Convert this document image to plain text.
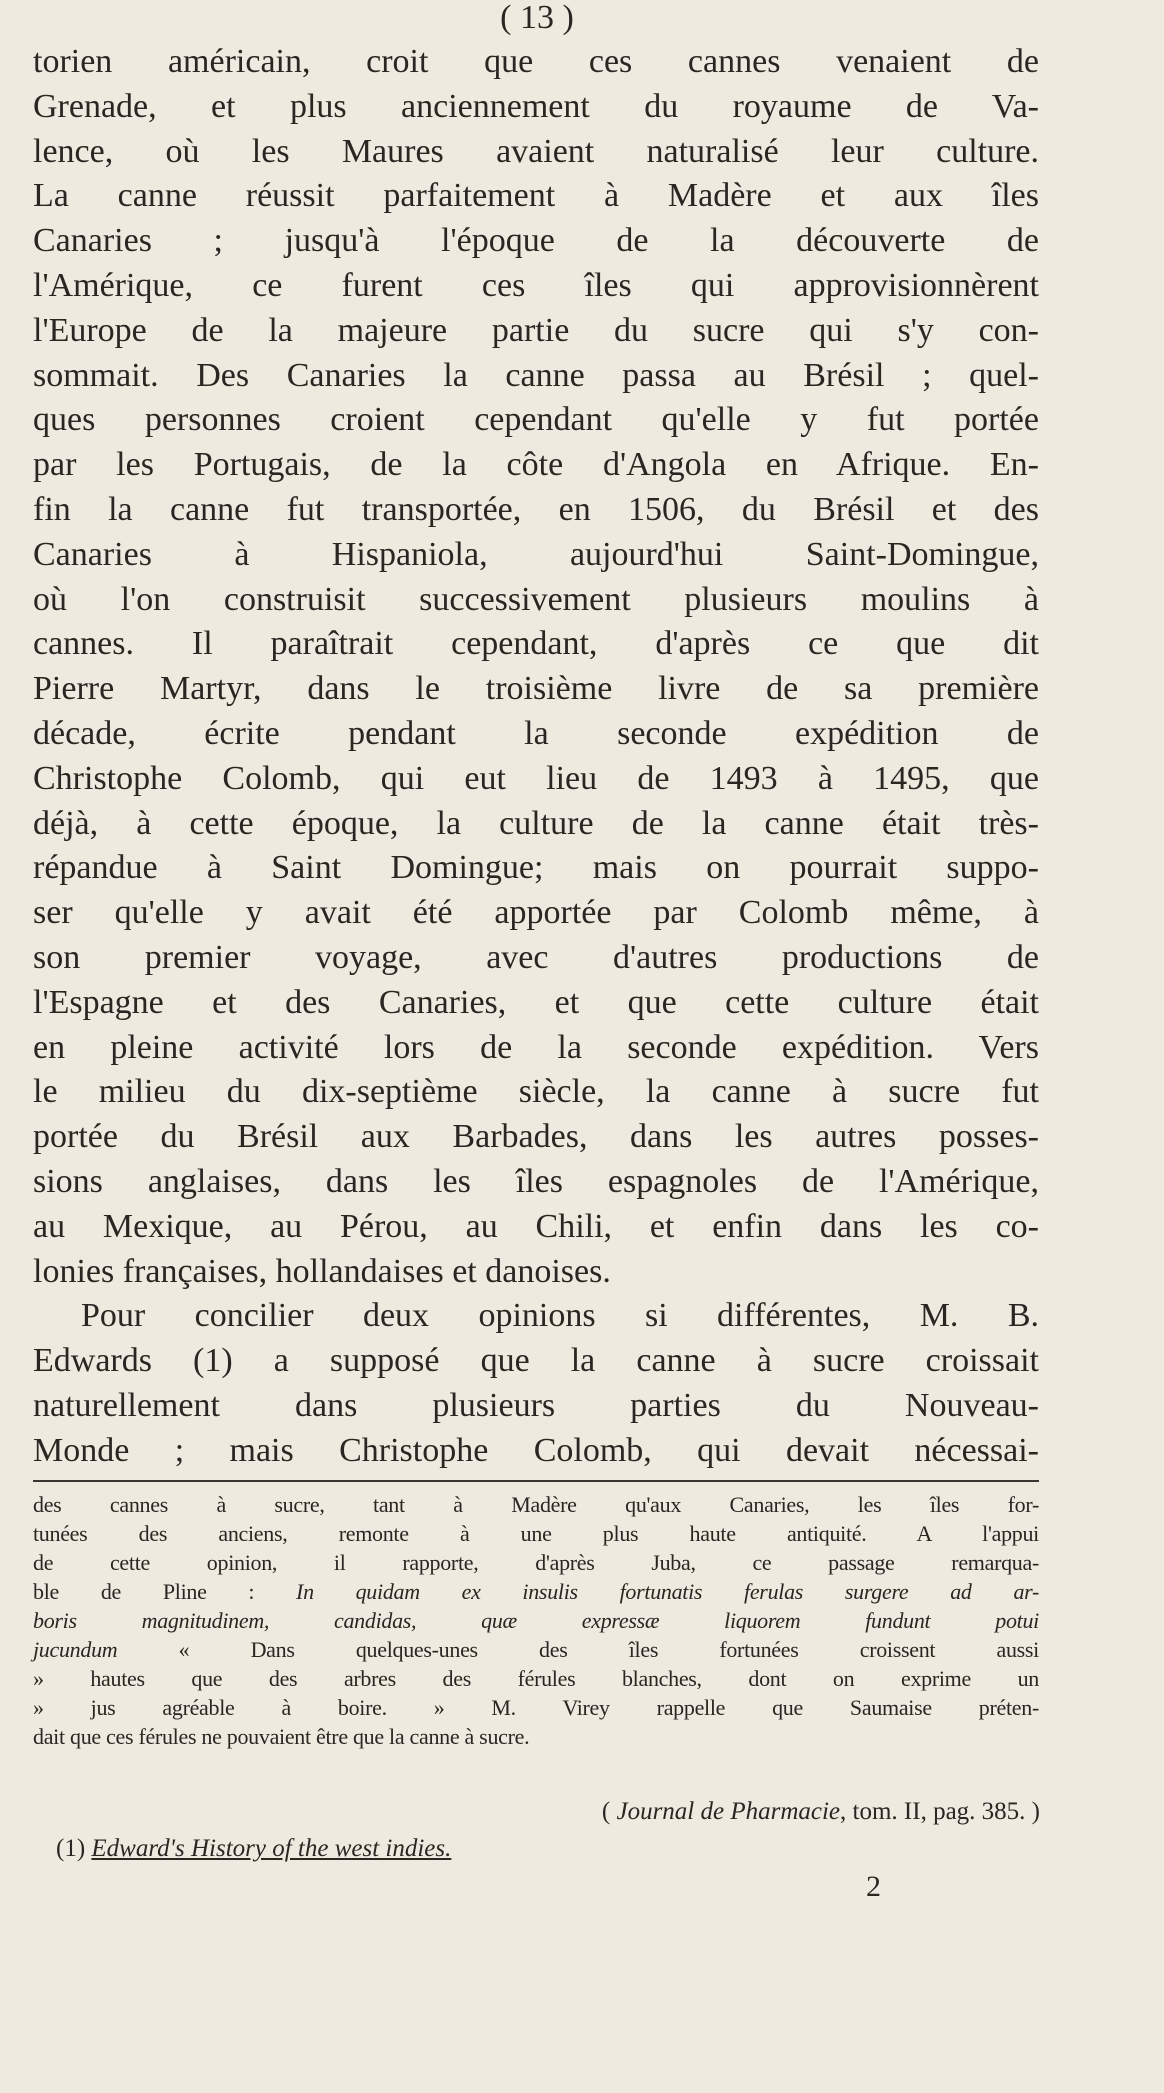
( 13 )
torien américain, croit que ces cannes venaient de
Grenade, et plus anciennement du royaume de Va-
lence, où les Maures avaient naturalisé leur culture.
La canne réussit parfaitement à Madère et aux îles
Canaries ; jusqu'à l'époque de la découverte de
l'Amérique, ce furent ces îles qui approvisionnèrent
l'Europe de la majeure partie du sucre qui s'y con-
sommait. Des Canaries la canne passa au Brésil ; quel-
ques personnes croient cependant qu'elle y fut portée
par les Portugais, de la côte d'Angola en Afrique. En-
fin la canne fut transportée, en 1506, du Brésil et des
Canaries à Hispaniola, aujourd'hui Saint-Domingue,
où l'on construisit successivement plusieurs moulins à
cannes. Il paraîtrait cependant, d'après ce que dit
Pierre Martyr, dans le troisième livre de sa première
décade, écrite pendant la seconde expédition de
Christophe Colomb, qui eut lieu de 1493 à 1495, que
déjà, à cette époque, la culture de la canne était très-
répandue à Saint Domingue; mais on pourrait suppo-
ser qu'elle y avait été apportée par Colomb même, à
son premier voyage, avec d'autres productions de
l'Espagne et des Canaries, et que cette culture était
en pleine activité lors de la seconde expédition. Vers
le milieu du dix-septième siècle, la canne à sucre fut
portée du Brésil aux Barbades, dans les autres posses-
sions anglaises, dans les îles espagnoles de l'Amérique,
au Mexique, au Pérou, au Chili, et enfin dans les co-
lonies françaises, hollandaises et danoises.
Pour concilier deux opinions si différentes, M. B.
Edwards (1) a supposé que la canne à sucre croissait
naturellement dans plusieurs parties du Nouveau-
Monde ; mais Christophe Colomb, qui devait nécessai-
des cannes à sucre, tant à Madère qu'aux Canaries, les îles for-
tunées des anciens, remonte à une plus haute antiquité. A l'appui
de cette opinion, il rapporte, d'après Juba, ce passage remarqua-
ble de Pline : In quidam ex insulis fortunatis ferulas surgere ad ar-
boris magnitudinem, candidas, quæ expressæ liquorem fundunt potui
jucundum « Dans quelques-unes des îles fortunées croissent aussi
» hautes que des arbres des férules blanches, dont on exprime un
» jus agréable à boire. » M. Virey rappelle que Saumaise préten-
dait que ces férules ne pouvaient être que la canne à sucre.
( Journal de Pharmacie, tom. II, pag. 385. )
(1) Edward's History of the west indies.
2
